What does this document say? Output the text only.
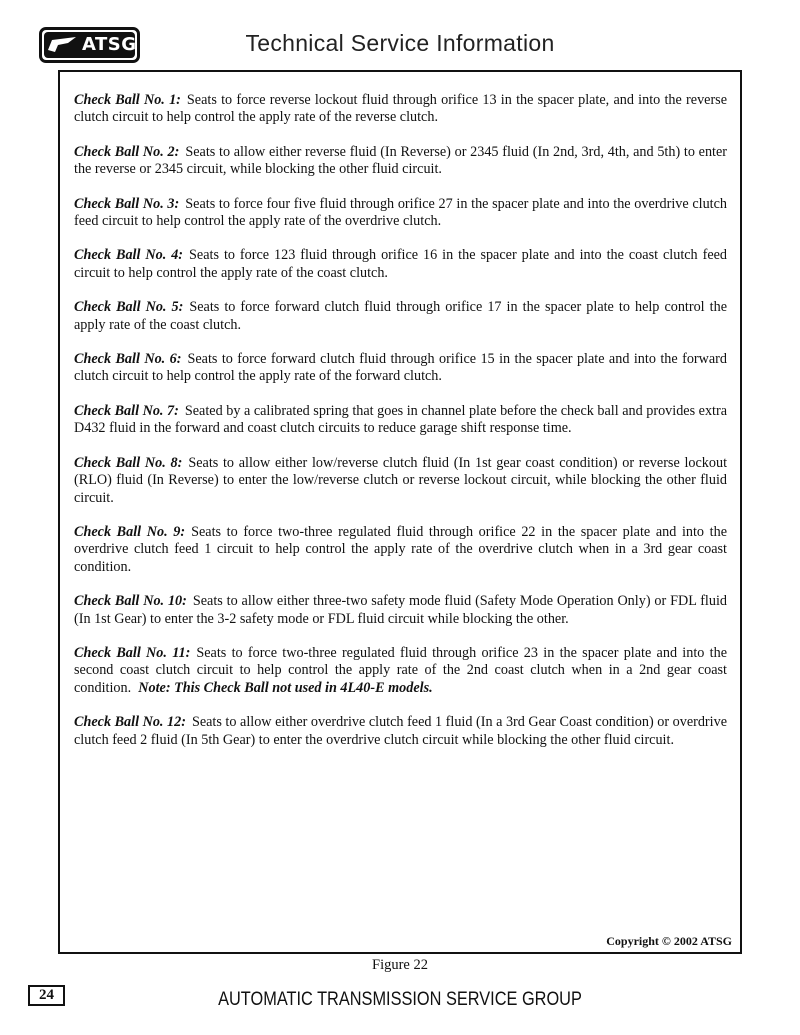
ATSG	Technical Service Information

Check Ball No. 1: Seats to force reverse lockout fluid through orifice 13 in the spacer plate, and into the reverse clutch circuit to help control the apply rate of the reverse clutch.

Check Ball No. 2: Seats to allow either reverse fluid (In Reverse) or 2345 fluid (In 2nd, 3rd, 4th, and 5th) to enter the reverse or 2345 circuit, while blocking the other fluid circuit.

Check Ball No. 3: Seats to force four five fluid through orifice 27 in the spacer plate and into the overdrive clutch feed circuit to help control the apply rate of the overdrive clutch.

Check Ball No. 4: Seats to force 123 fluid through orifice 16 in the spacer plate and into the coast clutch feed circuit to help control the apply rate of the coast clutch.

Check Ball No. 5: Seats to force forward clutch fluid through orifice 17 in the spacer plate to help control the apply rate of the coast clutch.

Check Ball No. 6: Seats to force forward clutch fluid through orifice 15 in the spacer plate and into the forward clutch circuit to help control the apply rate of the forward clutch.

Check Ball No. 7: Seated by a calibrated spring that goes in channel plate before the check ball and provides extra D432 fluid in the forward and coast clutch circuits to reduce garage shift response time.

Check Ball No. 8: Seats to allow either low/reverse clutch fluid (In 1st gear coast condition) or reverse lockout (RLO) fluid (In Reverse) to enter the low/reverse clutch or reverse lockout circuit, while blocking the other fluid circuit.

Check Ball No. 9: Seats to force two-three regulated fluid through orifice 22 in the spacer plate and into the overdrive clutch feed 1 circuit to help control the apply rate of the overdrive clutch when in a 3rd gear coast condition.

Check Ball No. 10: Seats to allow either three-two safety mode fluid (Safety Mode Operation Only) or FDL fluid (In 1st Gear) to enter the 3-2 safety mode or FDL fluid circuit while blocking the other.

Check Ball No. 11: Seats to force two-three regulated fluid through orifice 23 in the spacer plate and into the second coast clutch circuit to help control the apply rate of the 2nd coast clutch when in a 2nd gear coast condition. Note: This Check Ball not used in 4L40-E models.

Check Ball No. 12: Seats to allow either overdrive clutch feed 1 fluid (In a 3rd Gear Coast condition) or overdrive clutch feed 2 fluid (In 5th Gear) to enter the overdrive clutch circuit while blocking the other fluid circuit.

Copyright © 2002 ATSG
Figure 22
24	AUTOMATIC TRANSMISSION SERVICE GROUP
